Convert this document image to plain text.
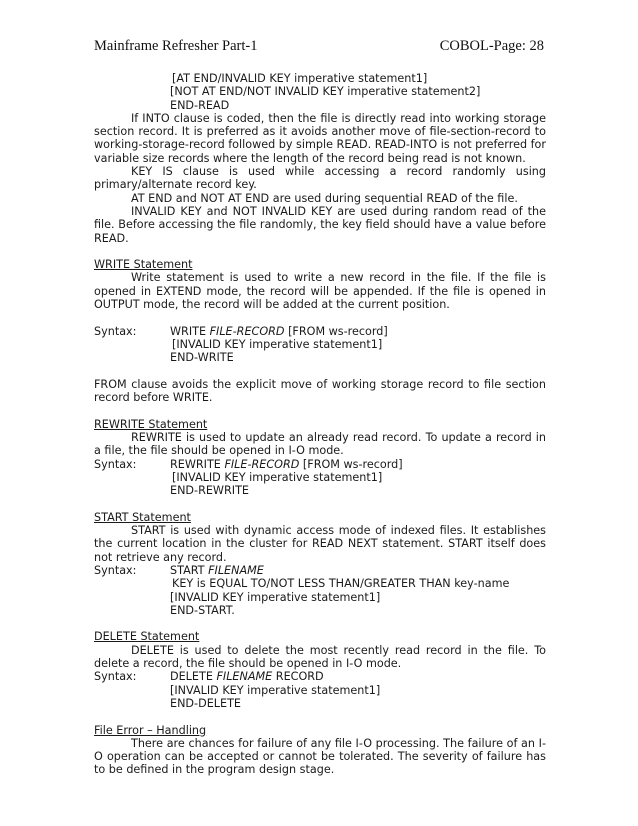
Mainframe Refresher Part-1	COBOL-Page: 28
[AT END/INVALID KEY imperative statement1]
[NOT AT END/NOT INVALID KEY imperative statement2]
END-READ
If INTO clause is coded, then the file is directly read into working storage section record. It is preferred as it avoids another move of file-section-record to working-storage-record followed by simple READ. READ-INTO is not preferred for variable size records where the length of the record being read is not known.
KEY IS clause is used while accessing a record randomly using primary/alternate record key.
AT END and NOT AT END are used during sequential READ of the file.
INVALID KEY and NOT INVALID KEY are used during random read of the file. Before accessing the file randomly, the key field should have a value before READ.
WRITE Statement
Write statement is used to write a new record in the file. If the file is opened in EXTEND mode, the record will be appended. If the file is opened in OUTPUT mode, the record will be added at the current position.
Syntax:	WRITE FILE-RECORD [FROM ws-record]
[INVALID KEY imperative statement1]
END-WRITE
FROM clause avoids the explicit move of working storage record to file section record before WRITE.
REWRITE Statement
REWRITE is used to update an already read record. To update a record in a file, the file should be opened in I-O mode.
Syntax:	REWRITE FILE-RECORD [FROM ws-record]
[INVALID KEY imperative statement1]
END-REWRITE
START Statement
START is used with dynamic access mode of indexed files. It establishes the current location in the cluster for READ NEXT statement. START itself does not retrieve any record.
Syntax:	START FILENAME
KEY is EQUAL TO/NOT LESS THAN/GREATER THAN key-name
[INVALID KEY imperative statement1]
END-START.
DELETE Statement
DELETE is used to delete the most recently read record in the file. To delete a record, the file should be opened in I-O mode.
Syntax:	DELETE FILENAME RECORD
[INVALID KEY imperative statement1]
END-DELETE
File Error – Handling
There are chances for failure of any file I-O processing. The failure of an I-O operation can be accepted or cannot be tolerated. The severity of failure has to be defined in the program design stage.
